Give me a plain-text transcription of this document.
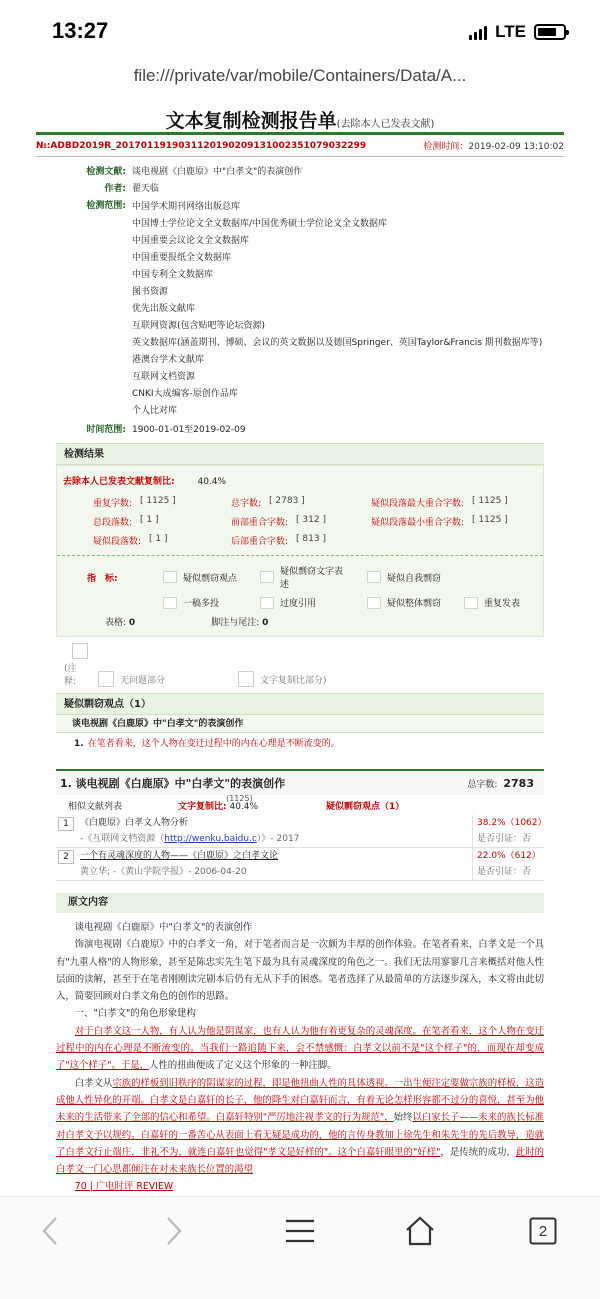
13:27	LTE
file:///private/var/mobile/Containers/Data/A...
文本复制检测报告单(去除本人已发表文献)
№:ADBD2019R_2017011919031120190209131002351079032299	检测时间：2019-02-09 13:10:02
检测文献: 谈电视剧《白鹿原》中"白孝文"的表演创作
作者: 翟天临
检测范围: 中国学术期刊网络出版总库
中国博士学位论文全文数据库/中国优秀硕士学位论文全文数据库
中国重要会议论文全文数据库
中国重要报纸全文数据库
中国专利全文数据库
图书资源
优先出版文献库
互联网资源(包含贴吧等论坛资源)
英文数据库(涵盖期刊、博硕、会议的英文数据以及德国Springer、英国Taylor&Francis 期刊数据库等)
港澳台学术文献库
互联网文档资源
CNKI大成编客-原创作品库
个人比对库
时间范围: 1900-01-01至2019-02-09
检测结果
去除本人已发表文献复制比:	40.4%
重复字数: [ 1125 ]	总字数: [ 2783 ]	疑似段落最大重合字数: [ 1125 ]
总段落数: [ 1 ]	前部重合字数: [ 312 ]	疑似段落最小重合字数: [ 1125 ]
疑似段落数: [ 1 ]	后部重合字数: [ 813 ]
指　标:	疑似剽窃观点
疑似剽窃文字表述
疑似自我剽窃
一稿多投	过度引用	疑似整体剽窃	重复发表
表格: 0	脚注与尾注: 0
(注
释:	无问题部分	文字复制比部分)
疑似剽窃观点（1）
谈电视剧《白鹿原》中"白孝文"的表演创作
1. 在笔者看来，这个人物在变迁过程中的内在心理是不断流变的。
1. 谈电视剧《白鹿原》中"白孝文"的表演创作	总字数: 2783
相似文献列表	文字复制比: 40.4%(1125)
疑似剽窃观点（1）
1	《白鹿原》白孝文人物分析
-《互联网文档资源（http://wenku.baidu.c）》- 2017
38.2%（1062）
是否引证：否
2	一个有灵魂深度的人物——《白鹿原》之白孝文论
黄立华; -《黄山学院学报》- 2006-04-20
22.0%（612）
是否引证：否
原文内容

谈电视剧《白鹿原》中"白孝文"的表演创作

饰演电视剧《白鹿原》中的白孝文一角，对于笔者而言是一次颇为丰厚的创作体验。在笔者看来，白孝文是一个具有"九重人格"的人物形象，甚至是陈忠实先生笔下最为具有灵魂深度的角色之一。我们无法用寥寥几言来概括对他人性层面的读解，甚至于在笔者刚刚读完剧本后仍有无从下手的困惑。笔者选择了从最简单的方法逐步深入，本文将由此切入，简要回顾对白孝文角色的创作的思路。

一、"白孝文"的角色形象建构

对于白孝文这一人物，有人认为他是阴谋家，也有人认为他有着更复杂的灵魂深度。在笔者看来，这个人物在变迁过程中的内在心理是不断流变的。当我们一路追随下来，会不禁感慨：白孝文以前不是"这个样子"的，而现在却变成了"这个样子"。于是，人性的扭曲便成了定义这个形象的一种注脚。

白孝文从宗族的样板到旧秩序的阴谋家的过程，即是他扭曲人性的具体透视。一出生便注定要做宗族的样板，这造成他人性异化的开端。白孝文是白嘉轩的长子，他的降生对白嘉轩而言，有着无论怎样形容都不过分的喜悦，甚至为他未来的生活带来了全部的信心和希望。白嘉轩特别"严厉地注视孝文的行为规范"，始终以白家长子——未来的族长标准对白孝文予以规约。白嘉轩的一番苦心从表面上看无疑是成功的，他的言传身教加上徐先生和朱先生的先后教导，造就了白孝文行止端庄，非礼不为，就连白嘉轩也觉得"孝文是好样的"。这个白嘉轩眼里的"好样"，是传统的成功，此时的白孝文一门心思都倾注在对未来族长位置的渴望

70 | 广电时评 REVIEW

2
